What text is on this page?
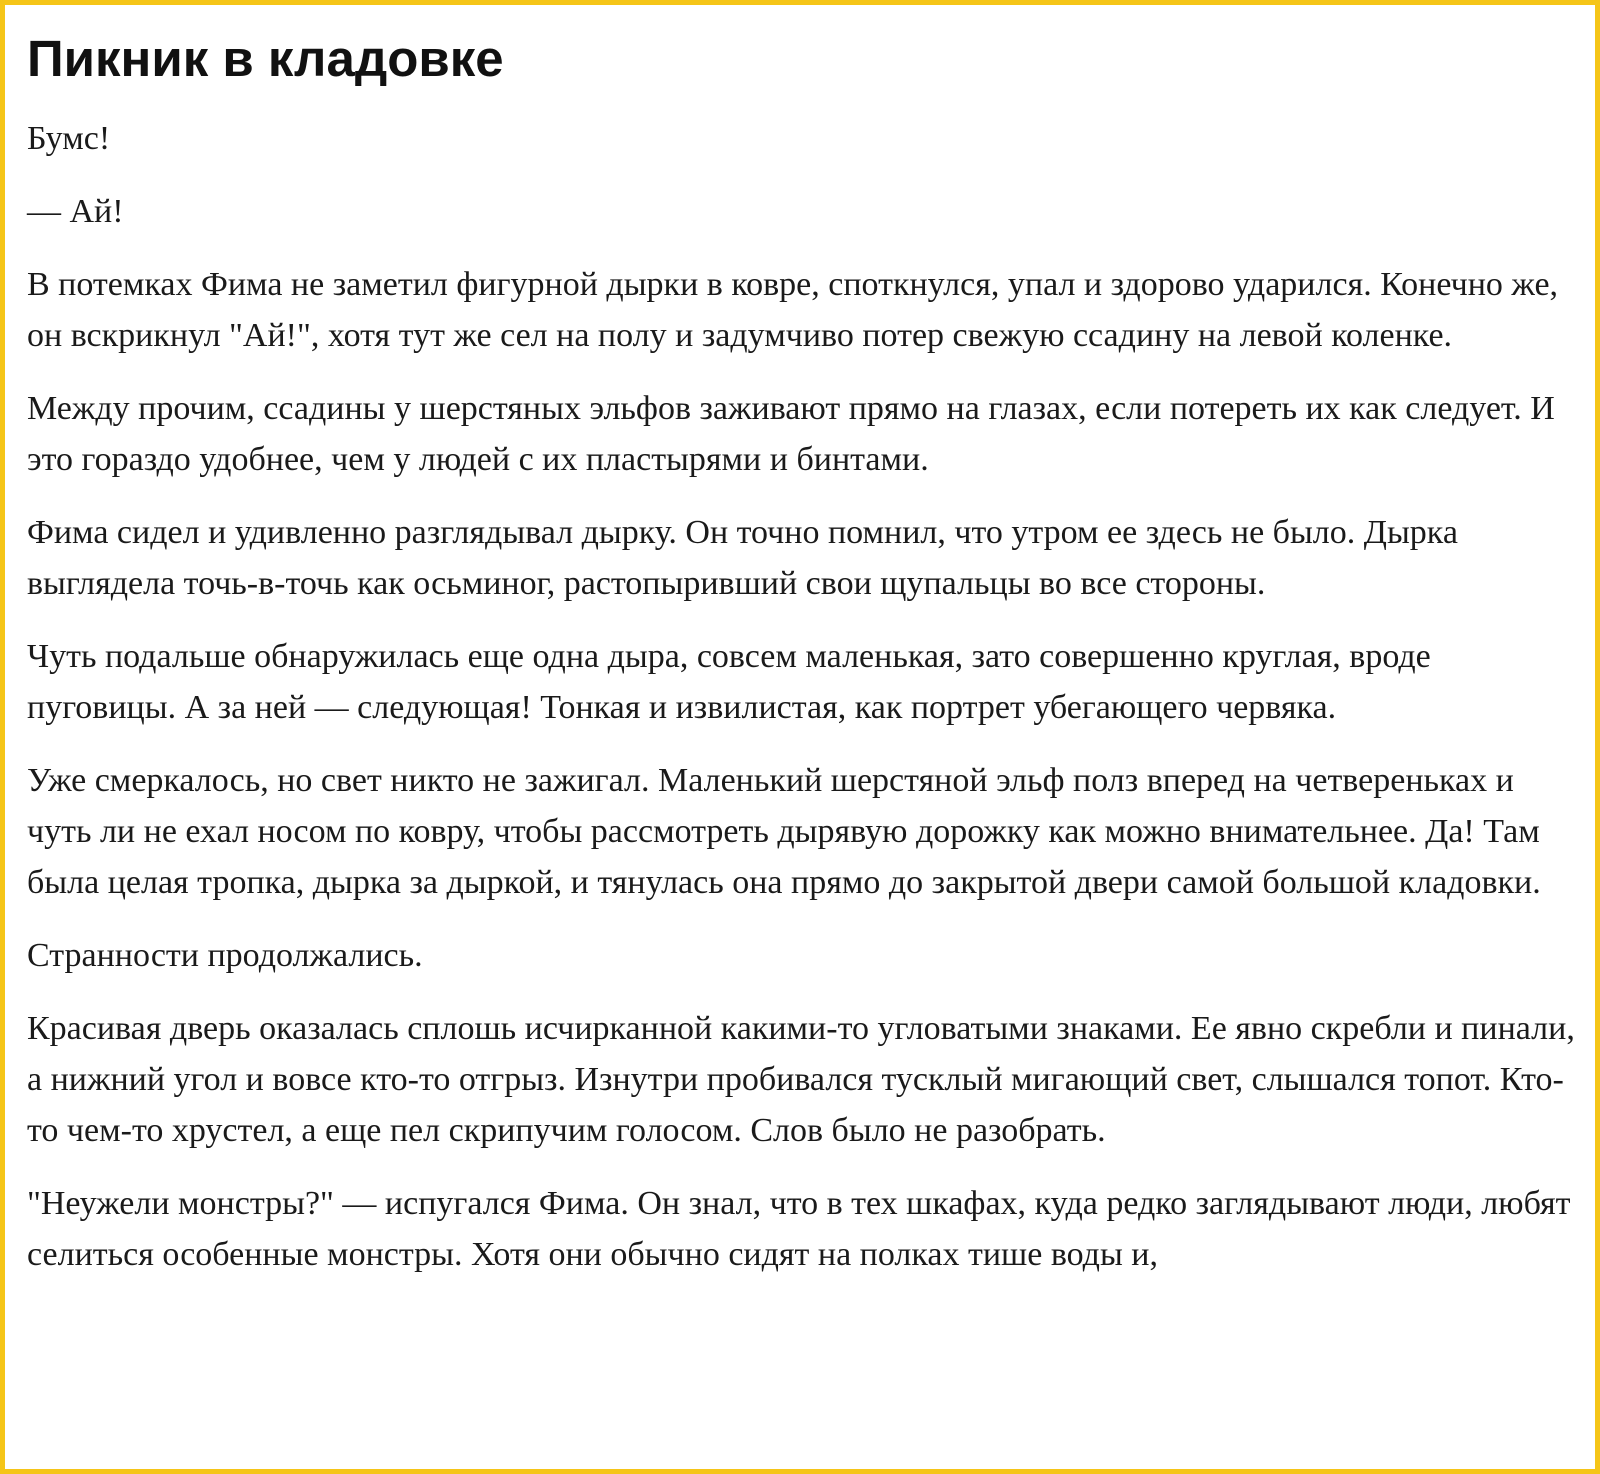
Пикник в кладовке

Бумс!

— Ай!

В потемках Фима не заметил фигурной дырки в ковре, споткнулся, упал и здорово ударился. Конечно же, он вскрикнул "Ай!", хотя тут же сел на полу и задумчиво потер свежую ссадину на левой коленке.

Между прочим, ссадины у шерстяных эльфов заживают прямо на глазах, если потереть их как следует. И это гораздо удобнее, чем у людей с их пластырями и бинтами.

Фима сидел и удивленно разглядывал дырку. Он точно помнил, что утром ее здесь не было. Дырка выглядела точь-в-точь как осьминог, растопыривший свои щупальцы во все стороны.

Чуть подальше обнаружилась еще одна дыра, совсем маленькая, зато совершенно круглая, вроде пуговицы. А за ней — следующая! Тонкая и извилистая, как портрет убегающего червяка.

Уже смеркалось, но свет никто не зажигал. Маленький шерстяной эльф полз вперед на четвереньках и чуть ли не ехал носом по ковру, чтобы рассмотреть дырявую дорожку как можно внимательнее. Да! Там была целая тропка, дырка за дыркой, и тянулась она прямо до закрытой двери самой большой кладовки.

Странности продолжались.

Красивая дверь оказалась сплошь исчирканной какими-то угловатыми знаками. Ее явно скребли и пинали, а нижний угол и вовсе кто-то отгрыз. Изнутри пробивался тусклый мигающий свет, слышался топот. Кто-то чем-то хрустел, а еще пел скрипучим голосом. Слов было не разобрать.

"Неужели монстры?" — испугался Фима. Он знал, что в тех шкафах, куда редко заглядывают люди, любят селиться особенные монстры. Хотя они обычно сидят на полках тише воды и,
